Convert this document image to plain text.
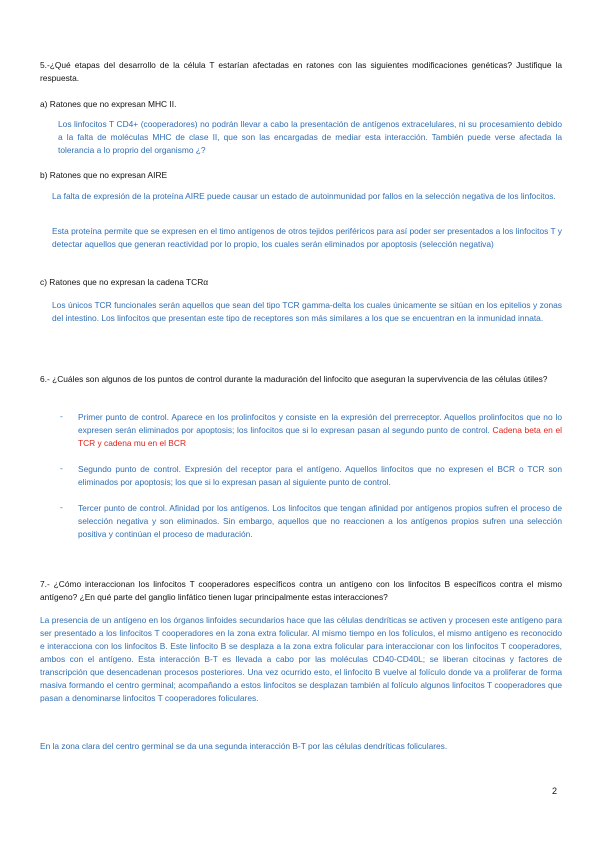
5.-¿Qué etapas del desarrollo de la célula T estarían afectadas en ratones con las siguientes modificaciones genéticas? Justifique la respuesta.
a) Ratones que no expresan MHC II.
Los linfocitos T CD4+ (cooperadores) no podrán llevar a cabo la presentación de antígenos extracelulares, ni su procesamiento debido a la falta de moléculas MHC de clase II, que son las encargadas de mediar esta interacción. También puede verse afectada la tolerancia a lo proprio del organismo ¿?
b) Ratones que no expresan AIRE
La falta de expresión de la proteína AIRE puede causar un estado de autoinmunidad por fallos en la selección negativa de los linfocitos.
Esta proteína permite que se expresen en el timo antígenos de otros tejidos periféricos para así poder ser presentados a los linfocitos T y detectar aquellos que generan reactividad por lo propio, los cuales serán eliminados por apoptosis (selección negativa)
c) Ratones que no expresan la cadena TCRα
Los únicos TCR funcionales serán aquellos que sean del tipo TCR gamma-delta los cuales únicamente se sitúan en los epitelios y zonas del intestino. Los linfocitos que presentan este tipo de receptores son más similares a los que se encuentran en la inmunidad innata.
6.- ¿Cuáles son algunos de los puntos de control durante la maduración del linfocito que aseguran la supervivencia de las células útiles?
- Primer punto de control. Aparece en los prolinfocitos y consiste en la expresión del prerreceptor. Aquellos prolinfocitos que no lo expresen serán eliminados por apoptosis; los linfocitos que si lo expresan pasan al segundo punto de control. Cadena beta en el TCR y cadena mu en el BCR
- Segundo punto de control. Expresión del receptor para el antígeno. Aquellos linfocitos que no expresen el BCR o TCR son eliminados por apoptosis; los que si lo expresan pasan al siguiente punto de control.
- Tercer punto de control. Afinidad por los antígenos. Los linfocitos que tengan afinidad por antígenos propios sufren el proceso de selección negativa y son eliminados. Sin embargo, aquellos que no reaccionen a los antígenos propios sufren una selección positiva y continúan el proceso de maduración.
7.- ¿Cómo interaccionan los linfocitos T cooperadores específicos contra un antígeno con los linfocitos B específicos contra el mismo antígeno? ¿En qué parte del ganglio linfático tienen lugar principalmente estas interacciones?
La presencia de un antígeno en los órganos linfoides secundarios hace que las células dendríticas se activen y procesen este antígeno para ser presentado a los linfocitos T cooperadores en la zona extra folicular. Al mismo tiempo en los folículos, el mismo antígeno es reconocido e interacciona con los linfocitos B. Este linfocito B se desplaza a la zona extra folicular para interaccionar con los linfocitos T cooperadores, ambos con el antígeno. Esta interacción B-T es llevada a cabo por las moléculas CD40-CD40L; se liberan citocinas y factores de transcripción que desencadenan procesos posteriores. Una vez ocurrido esto, el linfocito B vuelve al folículo donde va a proliferar de forma masiva formando el centro germinal; acompañando a estos linfocitos se desplazan también al folículo algunos linfocitos T cooperadores que pasan a denominarse linfocitos T cooperadores foliculares.
En la zona clara del centro germinal se da una segunda interacción B-T por las células dendríticas foliculares.
2
